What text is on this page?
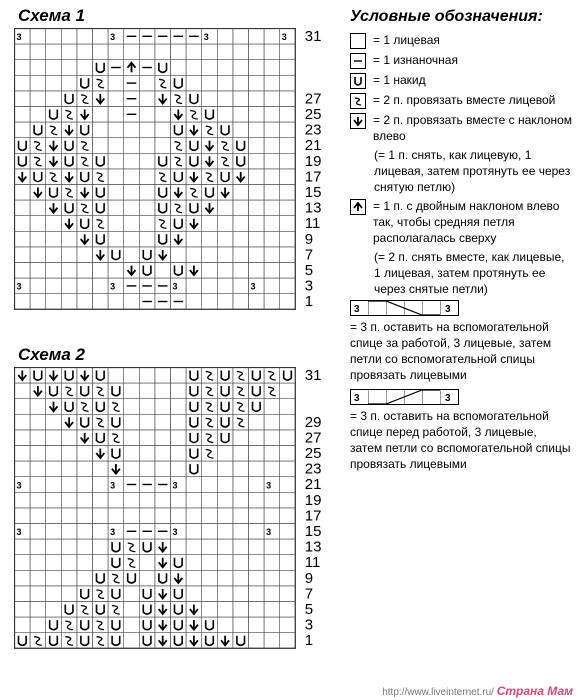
Схема 1
3	3	3	3
3	3	3	3
31
27
25
23
21
19
17
15
13
11
9
7
5
3
1
Схема 2
3	3	3	3
3	3	3	3
31
29
27
25
23
21
19
17
15
13
11
9
7
5
3
1
Условные обозначения:
= 1 лицевая
= 1 изнаночная
= 1 накид
= 2 п. провязать вместе лицевой
= 2 п. провязать вместе с наклоном влево
(= 1 п. снять, как лицевую, 1 лицевая, затем протянуть ее через снятую петлю)
= 1 п. с двойным наклоном влево так, чтобы средняя петля располагалась сверху
(= 2 п. снять вместе, как лицевые, 1 лицевая, затем протянуть ее через снятые петли)
3	3
= 3 п. оставить на вспомогательной спице за работой, 3 лицевые, затем петли со вспомогательной спицы провязать лицевыми
3	3
= 3 п. оставить на вспомогательной спице перед работой, 3 лицевые, затем петли со вспомогательной спицы провязать лицевыми
http://www.liveinternet.ru/ Страна Мам
